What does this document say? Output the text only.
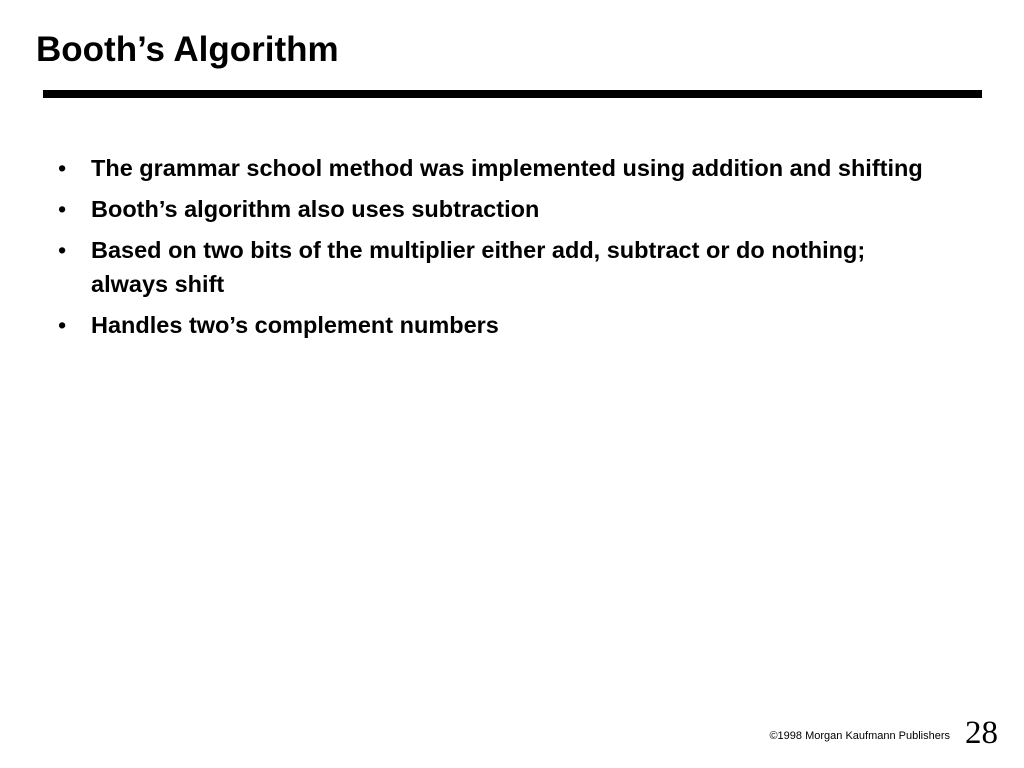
Booth’s Algorithm
•	The grammar school method was implemented using addition and shifting
•	Booth’s algorithm also uses subtraction
•	Based on two bits of the multiplier either add, subtract or do nothing; always shift
•	Handles two’s complement numbers
©1998 Morgan Kaufmann Publishers 28
